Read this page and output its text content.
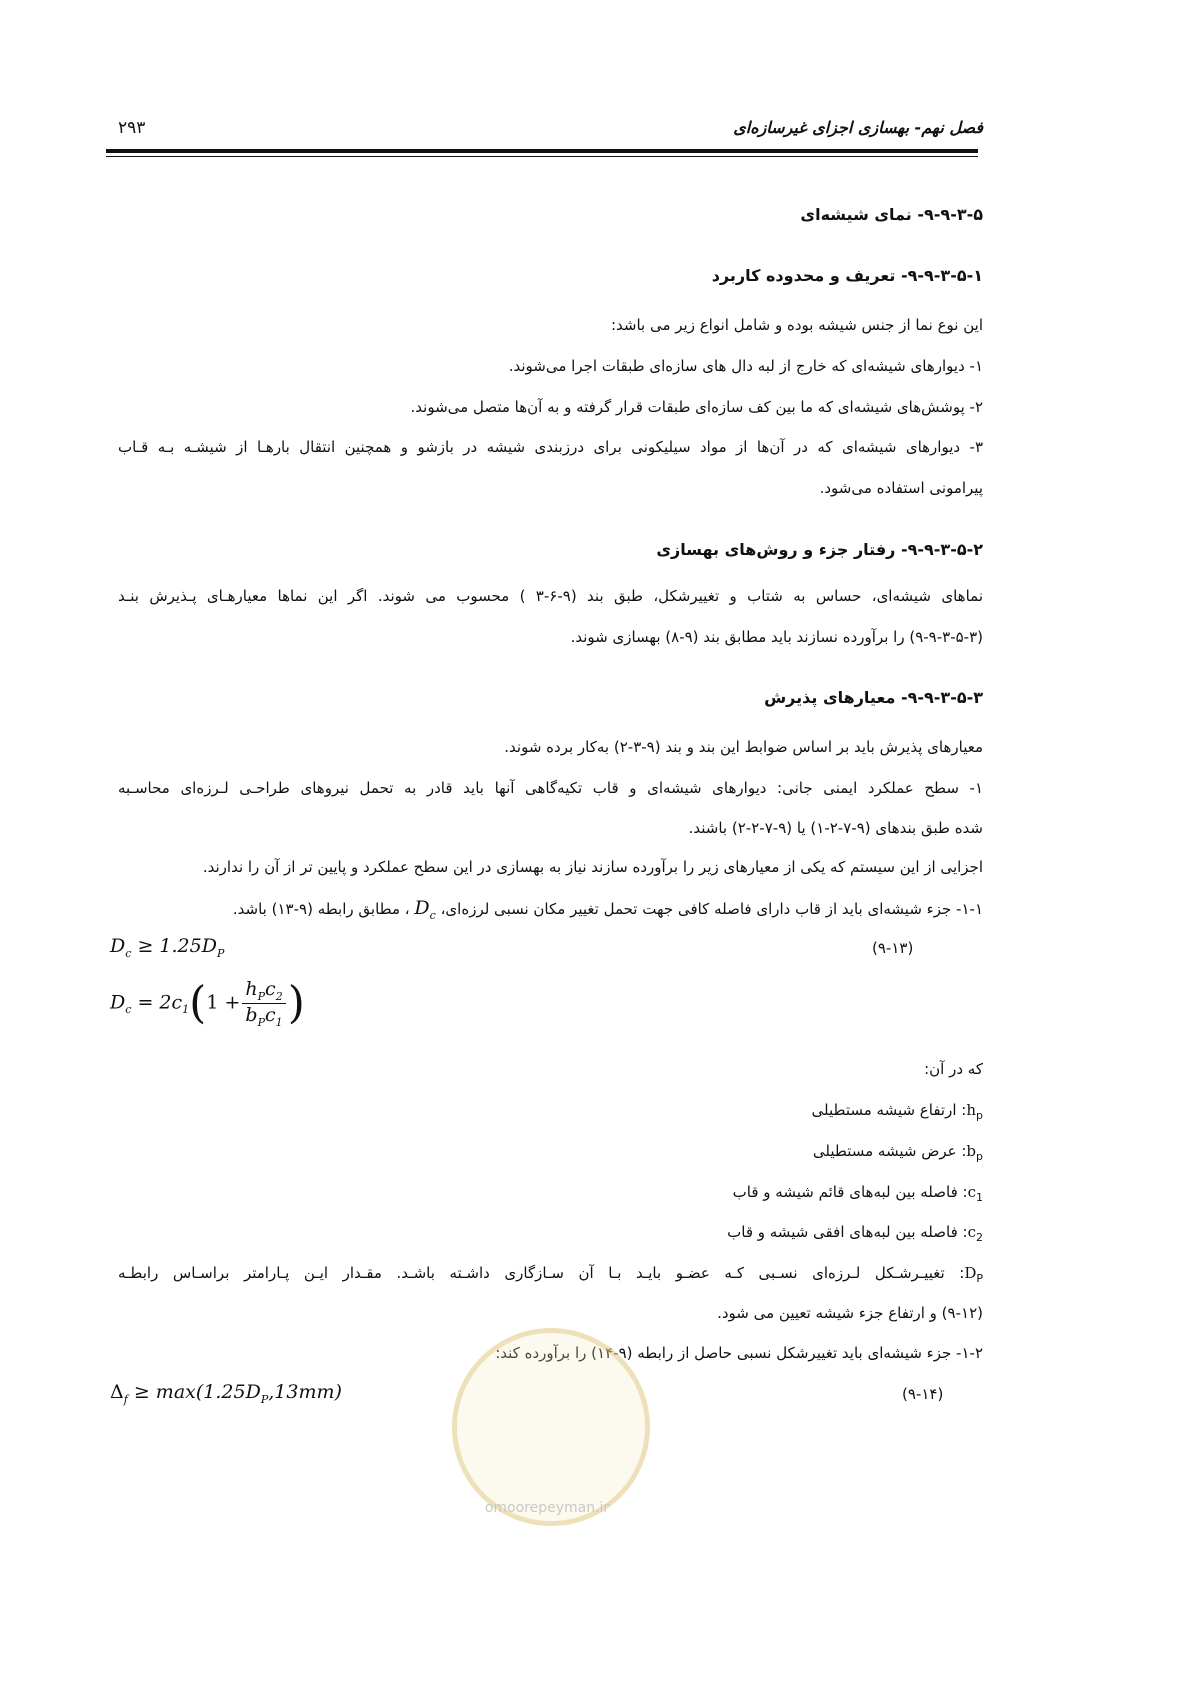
فصل نهم- بهسازی اجزای غیرسازه‌ای
۲۹۳
۹-۹-۳-۵- نمای شیشه‌ای
۹-۹-۳-۵-۱- تعریف و محدوده کاربرد
این نوع نما از جنس شیشه بوده و شامل انواع زیر می باشد:
۱- دیوارهای شیشه‌ای که خارج از لبه دال های سازه‌ای طبقات اجرا می‌شوند.
۲- پوشش‌های شیشه‌ای که ما بین کف سازه‌ای طبقات قرار گرفته و به آن‌ها متصل می‌شوند.
۳- دیوارهای شیشه‌ای که در آن‌ها از مواد سیلیکونی برای درزبندی شیشه در بازشو و همچنین انتقال بارهـا از شیشـه بـه قـاب
پیرامونی استفاده می‌شود.
۹-۹-۳-۵-۲- رفتار جزء و روش‌های بهسازی
نماهای شیشه‌ای، حساس به شتاب و تغییرشکل، طبق بند (۹-۶-۳ ) محسوب می شوند. اگر این نماها معیارهـای پـذیرش بنـد
(۹-۹-۳-۵-۳) را برآورده نسازند باید مطابق بند (۹-۸) بهسازی شوند.
۹-۹-۳-۵-۳- معیارهای پذیرش
معیارهای پذیرش باید بر اساس ضوابط این بند و بند (۹-۳-۲) به‌کار برده شوند.
۱- سطح عملکرد ایمنی جانی: دیوارهای شیشه‌ای و قاب تکیه‌گاهی آنها باید قادر به تحمل نیروهای طراحـی لـرزه‌ای محاسـبه
شده طبق بندهای (۹-۷-۲-۱) یا (۹-۷-۲-۲) باشند.
اجزایی از این سیستم که یکی از معیارهای زیر را برآورده سازند نیاز به بهسازی در این سطح عملکرد و پایین تر از آن را ندارند.
۱-۱- جزء شیشه‌ای باید از قاب دارای فاصله کافی جهت تحمل تغییر مکان نسبی لرزه‌ای، $D_c$ ، مطابق رابطه (۹-۱۳) باشد.
$D_c \ge 1.25D_P$	(۹-۱۳)
$D_c = 2c_1(1 + \frac{h_Pc_2}{b_Pc_1}$ )
که در آن:
$h_p$: ارتفاع شیشه مستطیلی
$b_p$: عرض شیشه مستطیلی
$c_1$: فاصله بین لبه‌های قائم شیشه و قاب
$c_2$: فاصله بین لبه‌های افقی شیشه و قاب
$D_P$: تغییـرشـکل لـرزه‌ای نسـبی کـه عضـو بایـد بـا آن سـازگاری داشـته باشـد. مقـدار ایـن پـارامتر براسـاس رابطـه
(۹-۱۲) و ارتفاع جزء شیشه تعیین می شود.
۱-۲- جزء شیشه‌ای باید تغییرشکل نسبی حاصل از رابطه (۹-۱۴) را برآورده کند:
$\Delta_f \ge \max(1.25D_P,13mm)$	(۹-۱۴)
omoorepeyman.ir
